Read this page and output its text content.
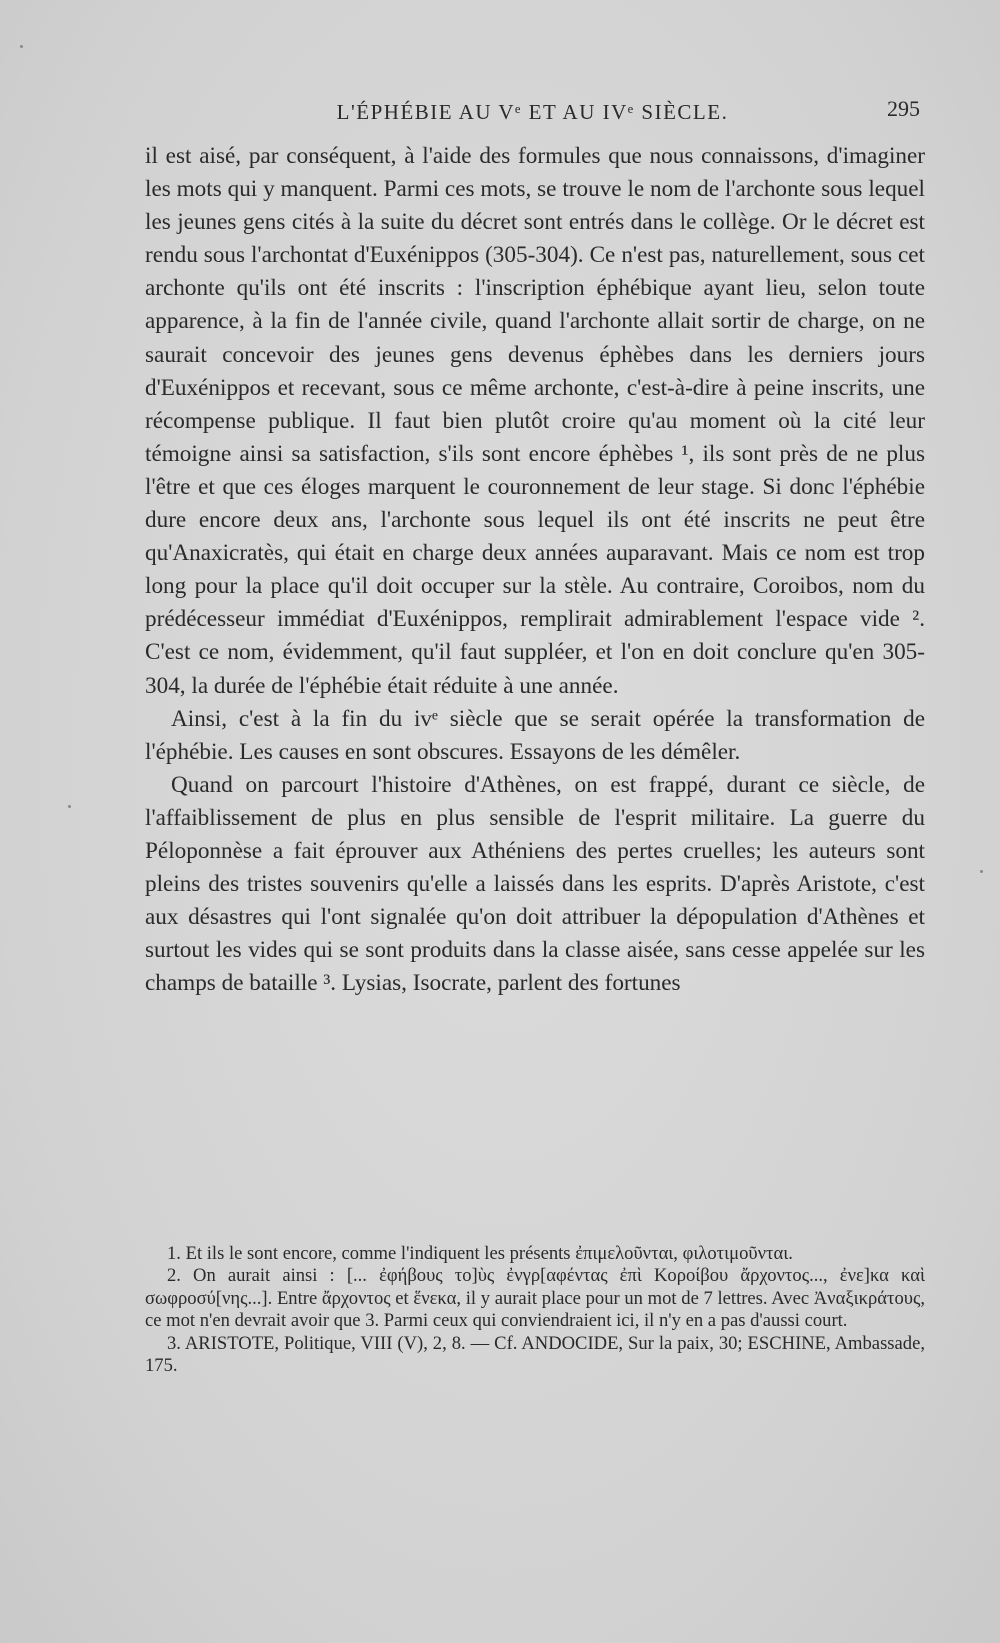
L'ÉPHÉBIE AU Vᵉ ET AU IVᵉ SIÈCLE.	295

il est aisé, par conséquent, à l'aide des formules que nous connaissons, d'imaginer les mots qui y manquent. Parmi ces mots, se trouve le nom de l'archonte sous lequel les jeunes gens cités à la suite du décret sont entrés dans le collège. Or le décret est rendu sous l'archontat d'Euxénippos (305-304). Ce n'est pas, naturellement, sous cet archonte qu'ils ont été inscrits : l'inscription éphébique ayant lieu, selon toute apparence, à la fin de l'année civile, quand l'archonte allait sortir de charge, on ne saurait concevoir des jeunes gens devenus éphèbes dans les derniers jours d'Euxénippos et recevant, sous ce même archonte, c'est-à-dire à peine inscrits, une récompense publique. Il faut bien plutôt croire qu'au moment où la cité leur témoigne ainsi sa satisfaction, s'ils sont encore éphèbes ¹, ils sont près de ne plus l'être et que ces éloges marquent le couronnement de leur stage. Si donc l'éphébie dure encore deux ans, l'archonte sous lequel ils ont été inscrits ne peut être qu'Anaxicratès, qui était en charge deux années auparavant. Mais ce nom est trop long pour la place qu'il doit occuper sur la stèle. Au contraire, Coroibos, nom du prédécesseur immédiat d'Euxénippos, remplirait admirablement l'espace vide ². C'est ce nom, évidemment, qu'il faut suppléer, et l'on en doit conclure qu'en 305-304, la durée de l'éphébie était réduite à une année.

Ainsi, c'est à la fin du ivᵉ siècle que se serait opérée la transformation de l'éphébie. Les causes en sont obscures. Essayons de les démêler.

Quand on parcourt l'histoire d'Athènes, on est frappé, durant ce siècle, de l'affaiblissement de plus en plus sensible de l'esprit militaire. La guerre du Péloponnèse a fait éprouver aux Athéniens des pertes cruelles; les auteurs sont pleins des tristes souvenirs qu'elle a laissés dans les esprits. D'après Aristote, c'est aux désastres qui l'ont signalée qu'on doit attribuer la dépopulation d'Athènes et surtout les vides qui se sont produits dans la classe aisée, sans cesse appelée sur les champs de bataille ³. Lysias, Isocrate, parlent des fortunes

1. Et ils le sont encore, comme l'indiquent les présents ἐπιμελοῦνται, φιλοτιμοῦνται.

2. On aurait ainsi : [... ἐφήβους το]ὺς ἐνγρ[αφέντας ἐπὶ Κοροίβου ἄρχοντος..., ἐνε]κα καὶ σωφροσύ[νης...]. Entre ἄρχοντος et ἕνεκα, il y aurait place pour un mot de 7 lettres. Avec Ἀναξικράτους, ce mot n'en devrait avoir que 3. Parmi ceux qui conviendraient ici, il n'y en a pas d'aussi court.

3. ARISTOTE, Politique, VIII (V), 2, 8. — Cf. ANDOCIDE, Sur la paix, 30; ESCHINE, Ambassade, 175.
